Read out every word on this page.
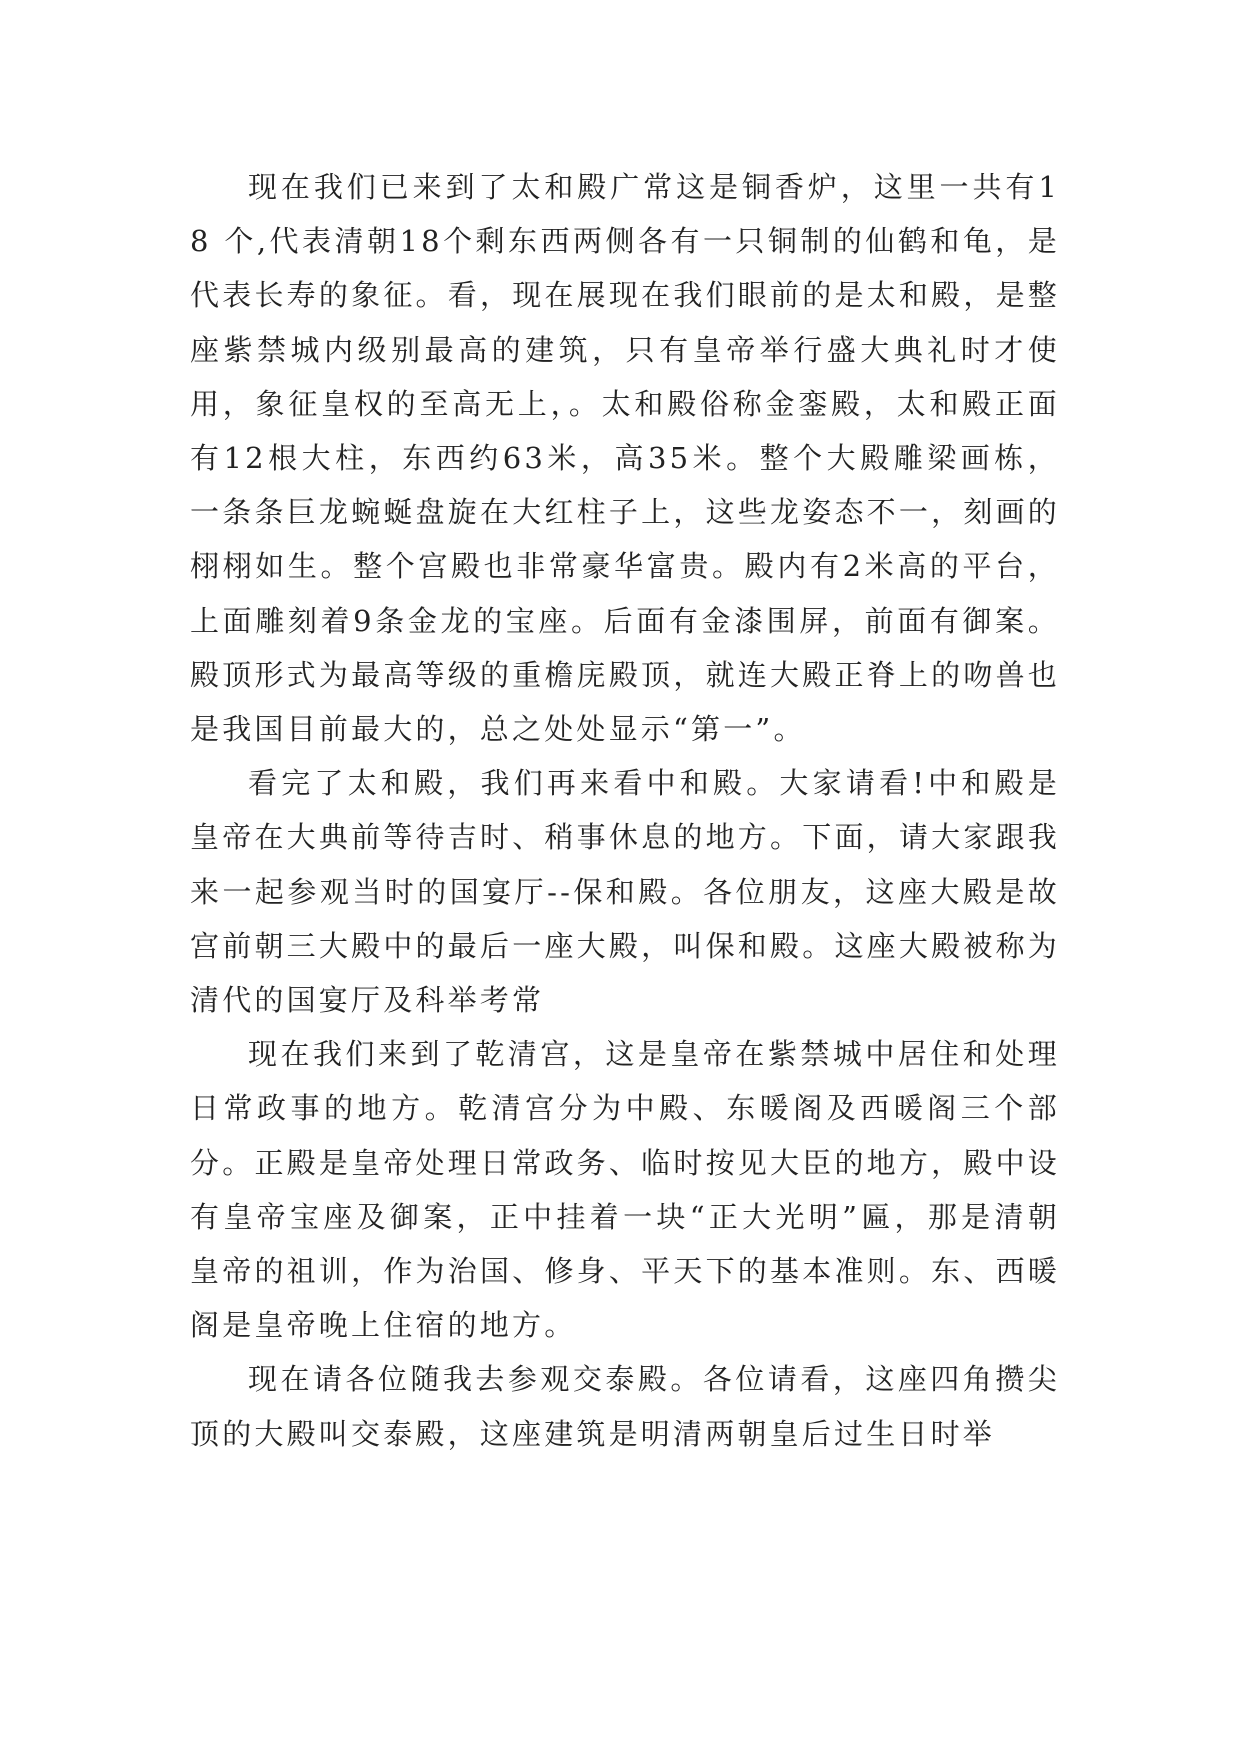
现在我们已来到了太和殿广常这是铜香炉，这里一共有18 个,代表清朝18个剩东西两侧各有一只铜制的仙鹤和龟，是代表长寿的象征。看，现在展现在我们眼前的是太和殿，是整座紫禁城内级别最高的建筑，只有皇帝举行盛大典礼时才使用，象征皇权的至高无上，。太和殿俗称金銮殿，太和殿正面有12根大柱，东西约63米，高35米。整个大殿雕梁画栋，一条条巨龙蜿蜒盘旋在大红柱子上，这些龙姿态不一，刻画的栩栩如生。整个宫殿也非常豪华富贵。殿内有2米高的平台，上面雕刻着9条金龙的宝座。后面有金漆围屏，前面有御案。殿顶形式为最高等级的重檐庑殿顶，就连大殿正脊上的吻兽也是我国目前最大的，总之处处显示“第一”。

看完了太和殿，我们再来看中和殿。大家请看!中和殿是皇帝在大典前等待吉时、稍事休息的地方。下面，请大家跟我来一起参观当时的国宴厅--保和殿。各位朋友，这座大殿是故宫前朝三大殿中的最后一座大殿，叫保和殿。这座大殿被称为清代的国宴厅及科举考常

现在我们来到了乾清宫，这是皇帝在紫禁城中居住和处理日常政事的地方。乾清宫分为中殿、东暖阁及西暖阁三个部分。正殿是皇帝处理日常政务、临时按见大臣的地方，殿中设有皇帝宝座及御案，正中挂着一块“正大光明”匾，那是清朝皇帝的祖训，作为治国、修身、平天下的基本准则。东、西暖阁是皇帝晚上住宿的地方。

现在请各位随我去参观交泰殿。各位请看，这座四角攒尖顶的大殿叫交泰殿，这座建筑是明清两朝皇后过生日时举
